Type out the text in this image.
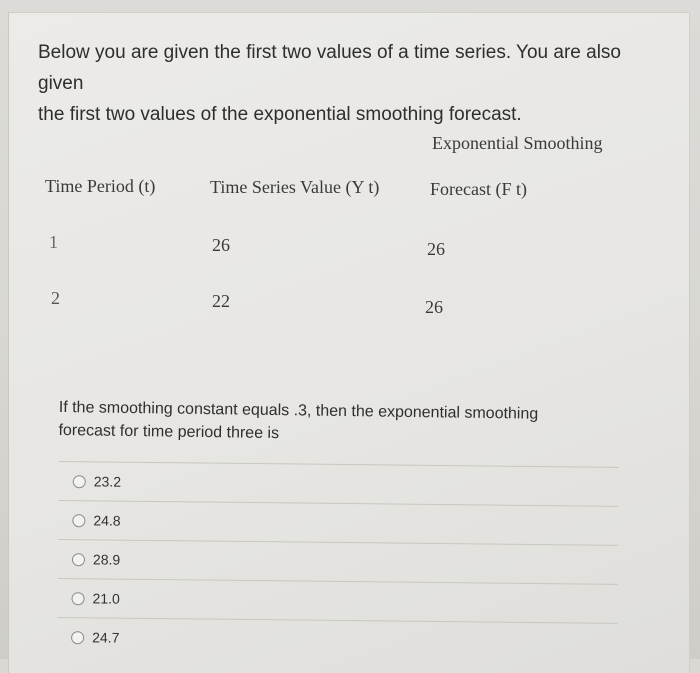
Below you are given the first two values of a time series. You are also given
the first two values of the exponential smoothing forecast.
Exponential Smoothing
Time Period (t)	Time Series Value (Y t)	Forecast (F t)
1	26	26
2	22	26
If the smoothing constant equals .3, then the exponential smoothing
forecast for time period three is
23.2
24.8
28.9
21.0
24.7
